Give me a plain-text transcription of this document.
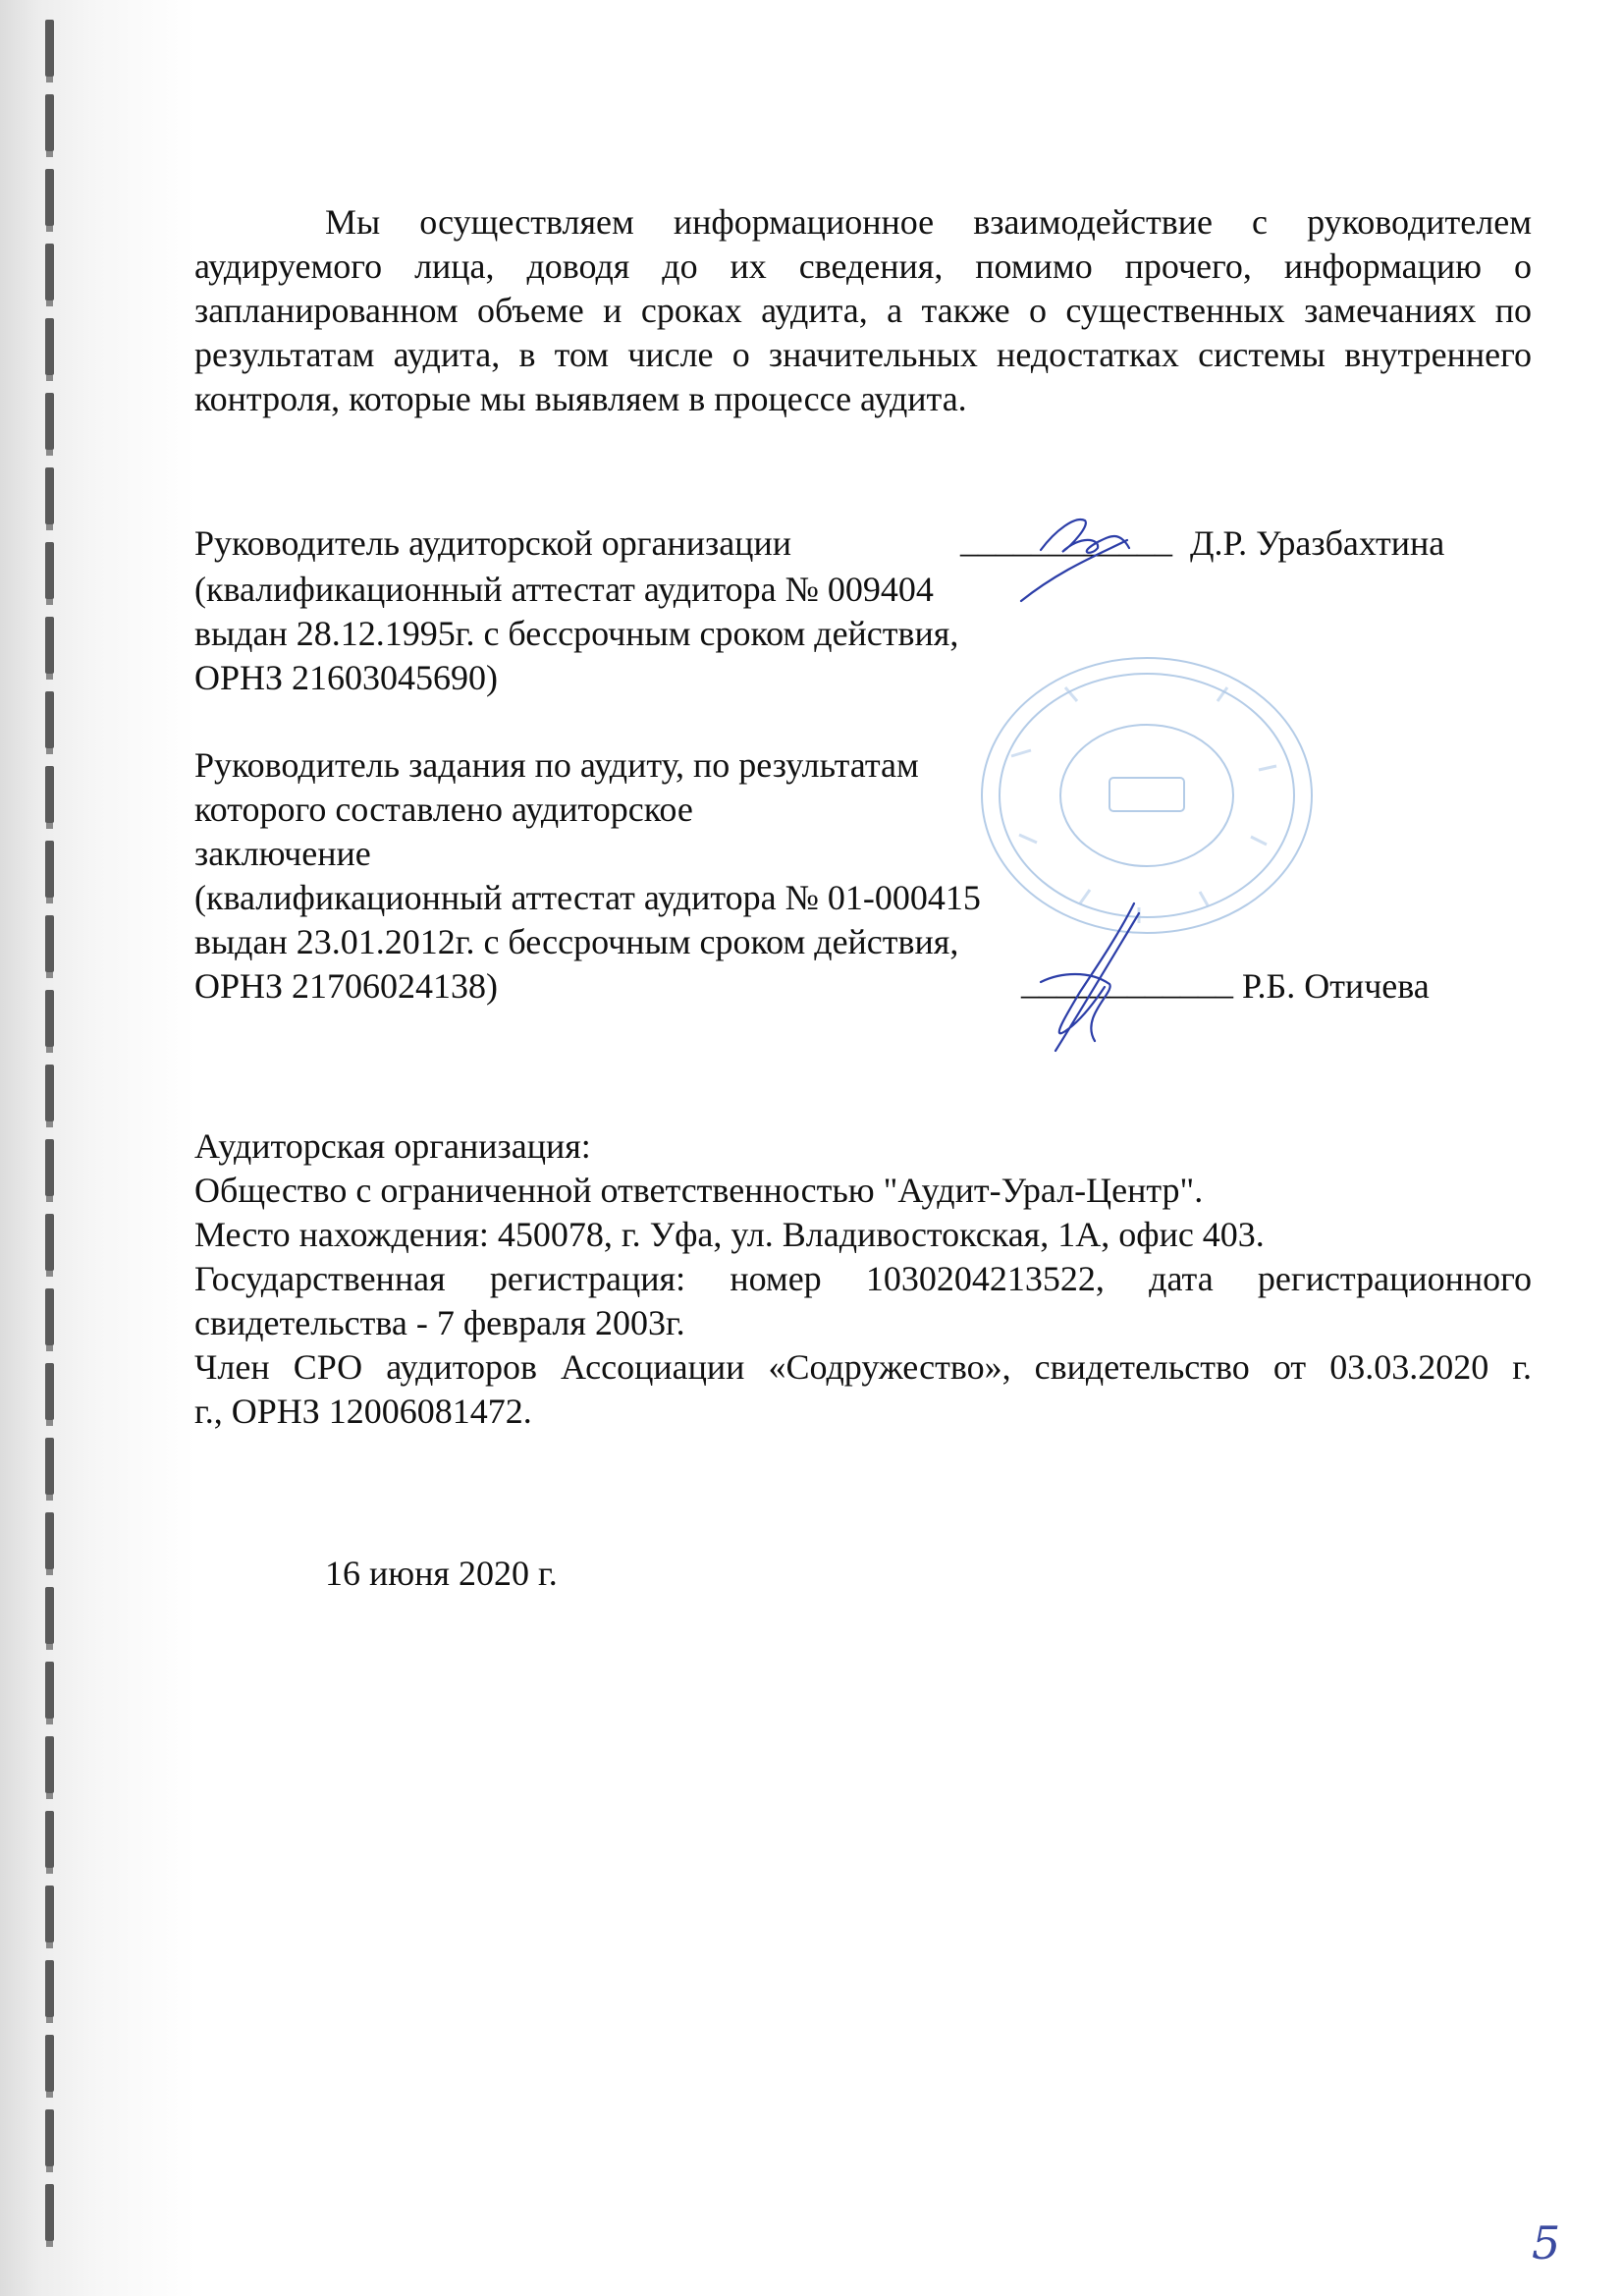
Мы осуществляем информационное взаимодействие с руководителем
аудируемого лица, доводя до их сведения, помимо прочего, информацию о
запланированном объеме и сроках аудита, а также о существенных замечаниях по
результатам аудита, в том числе о значительных недостатках системы внутреннего
контроля, которые мы выявляем в процессе аудита.
Руководитель аудиторской организации	____________ Д.Р. Уразбахтина
(квалификационный аттестат аудитора № 009404
выдан 28.12.1995г. с бессрочным сроком действия,
ОРНЗ 21603045690)
Руководитель задания по аудиту, по результатам
которого составлено аудиторское
заключение
(квалификационный аттестат аудитора № 01-000415
выдан 23.01.2012г. с бессрочным сроком действия,
ОРНЗ 21706024138)	____________ Р.Б. Отичева
Аудиторская организация:
Общество с ограниченной ответственностью "Аудит-Урал-Центр".
Место нахождения: 450078, г. Уфа, ул. Владивостокская, 1А, офис 403.
Государственная регистрация: номер 1030204213522, дата регистрационного
свидетельства - 7 февраля 2003г.
Член СРО аудиторов Ассоциации «Содружество», свидетельство от 03.03.2020 г.
г., ОРНЗ 12006081472.
16 июня 2020 г.
5
